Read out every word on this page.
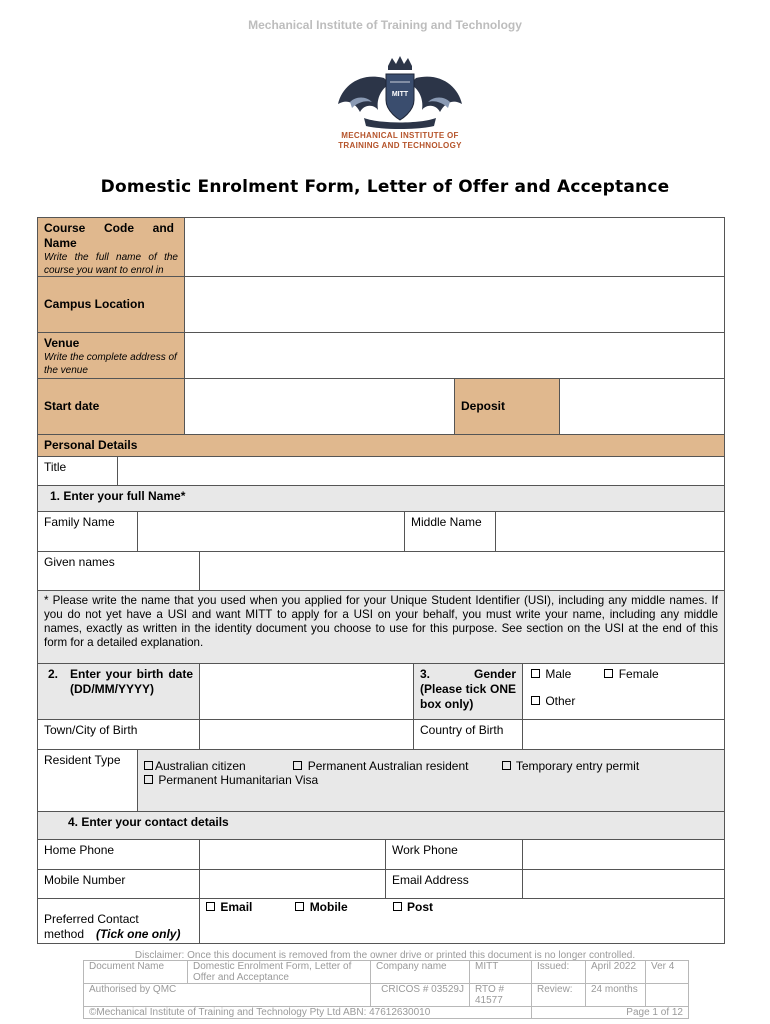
Mechanical Institute of Training and Technology
MITT
MECHANICAL INSTITUTE OF
TRAINING AND TECHNOLOGY
Domestic Enrolment Form, Letter of Offer and Acceptance
Course Code and Name
Write the full name of the course you want to enrol in
Campus Location
Venue
Write the complete address of the venue
Start date	Deposit
Personal Details
Title
1. Enter your full Name*
Family Name	Middle Name
Given names
* Please write the name that you used when you applied for your Unique Student Identifier (USI), including any middle names. If you do not yet have a USI and want MITT to apply for a USI on your behalf, you must write your name, including any middle names, exactly as written in the identity document you choose to use for this purpose. See section on the USI at the end of this form for a detailed explanation.
2. Enter your birth date (DD/MM/YYYY)
3. Gender (Please tick ONE box only)
Male	Female
Other
Town/City of Birth	Country of Birth
Resident Type	Australian citizen	Permanent Australian resident	Temporary entry permit
Permanent Humanitarian Visa
4. Enter your contact details
Home Phone	Work Phone
Mobile Number	Email Address
Preferred Contact method (Tick one only)
Email	Mobile	Post
Disclaimer: Once this document is removed from the owner drive or printed this document is no longer controlled.
Document Name	Domestic Enrolment Form, Letter of Offer and Acceptance	Company name	MITT	Issued:	April 2022	Ver 4
Authorised by QMC		CRICOS # 03529J	RTO # 41577	Review:	24 months	
©Mechanical Institute of Training and Technology Pty Ltd ABN: 47612630010				Page 1 of 12		
